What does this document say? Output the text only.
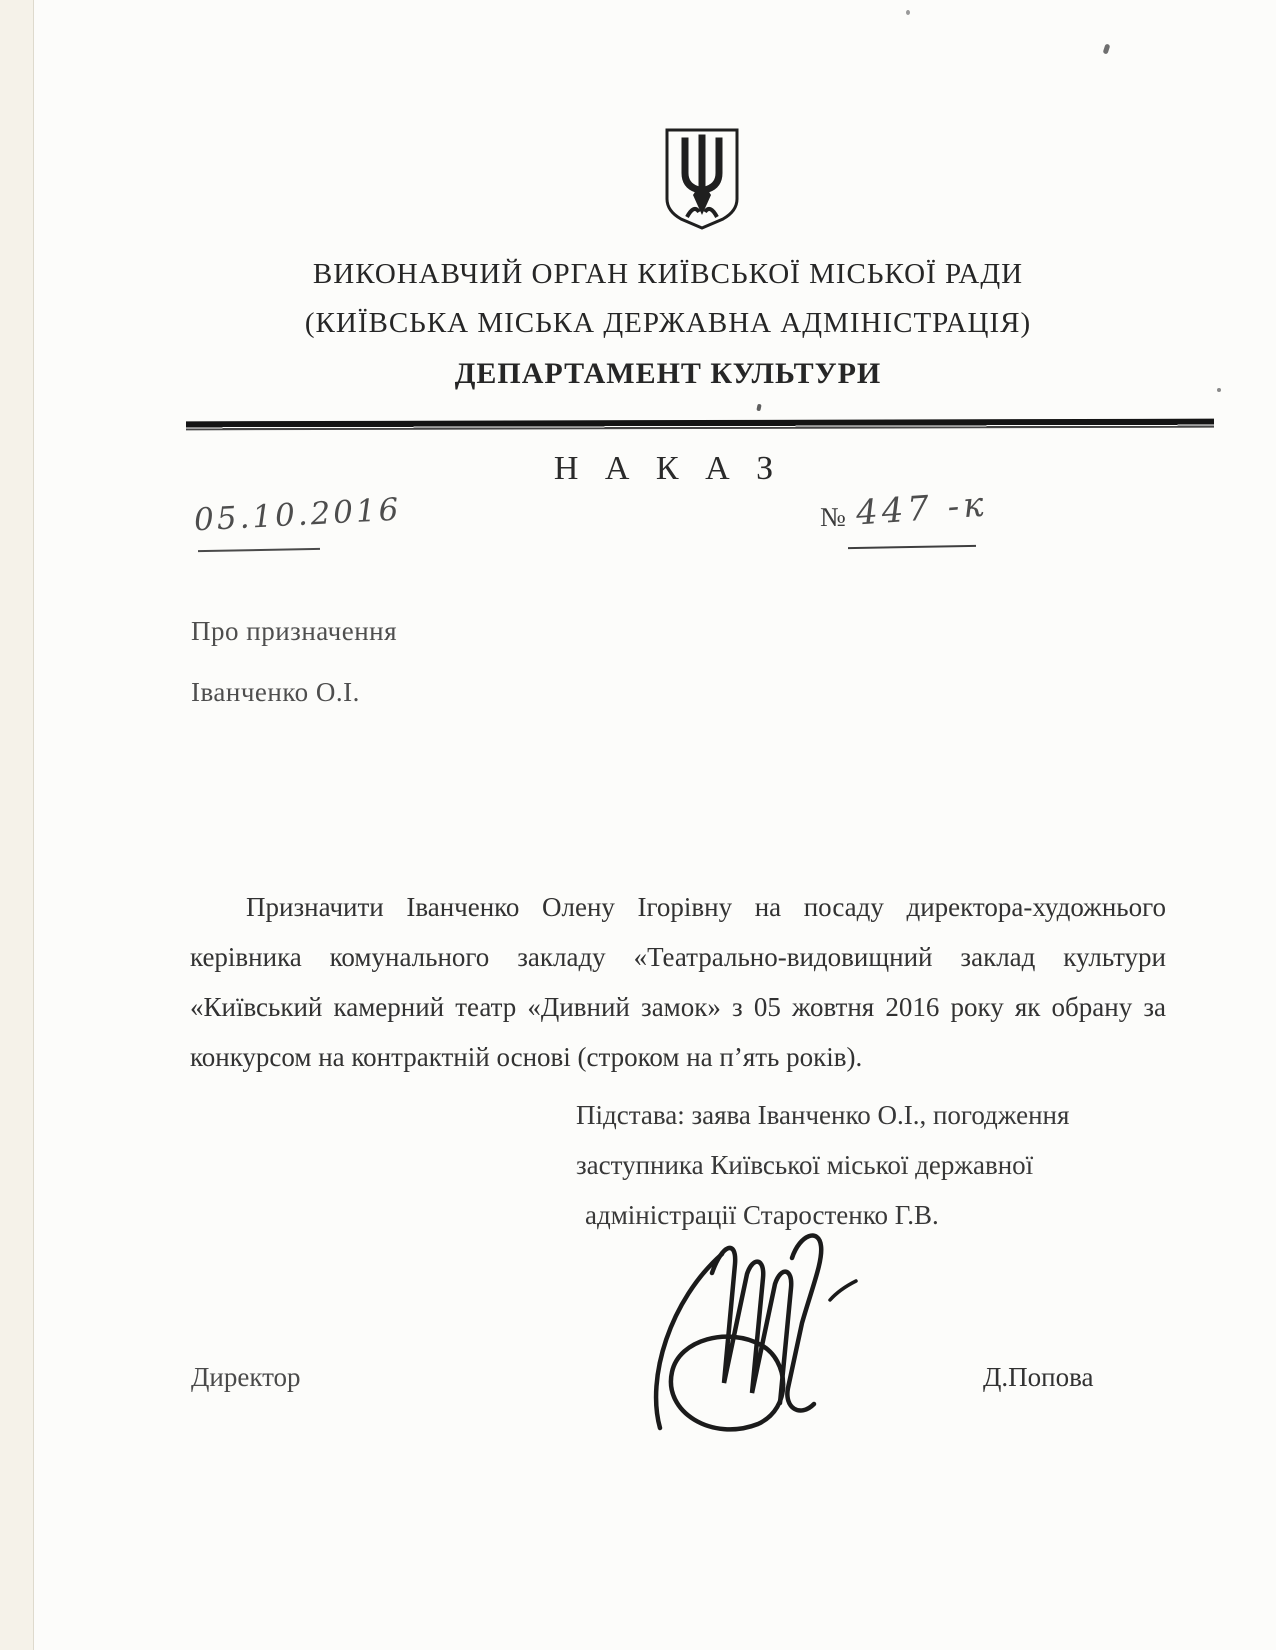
ВИКОНАВЧИЙ ОРГАН КИЇВСЬКОЇ МІСЬКОЇ РАДИ
(КИЇВСЬКА МІСЬКА ДЕРЖАВНА АДМІНІСТРАЦІЯ)
ДЕПАРТАМЕНТ КУЛЬТУРИ
Н А К А З
05.10.2016	№ 447 -к
Про призначення
Іванченко О.І.
Призначити Іванченко Олену Ігорівну на посаду директора-художнього
керівника комунального закладу «Театрально-видовищний заклад культури
«Київський камерний театр «Дивний замок» з 05 жовтня 2016 року як обрану за
конкурсом на контрактній основі (строком на п’ять років).
Підстава: заява Іванченко О.І., погодження
заступника Київської міської державної
адміністрації Старостенко Г.В.
Директор	Д.Попова
